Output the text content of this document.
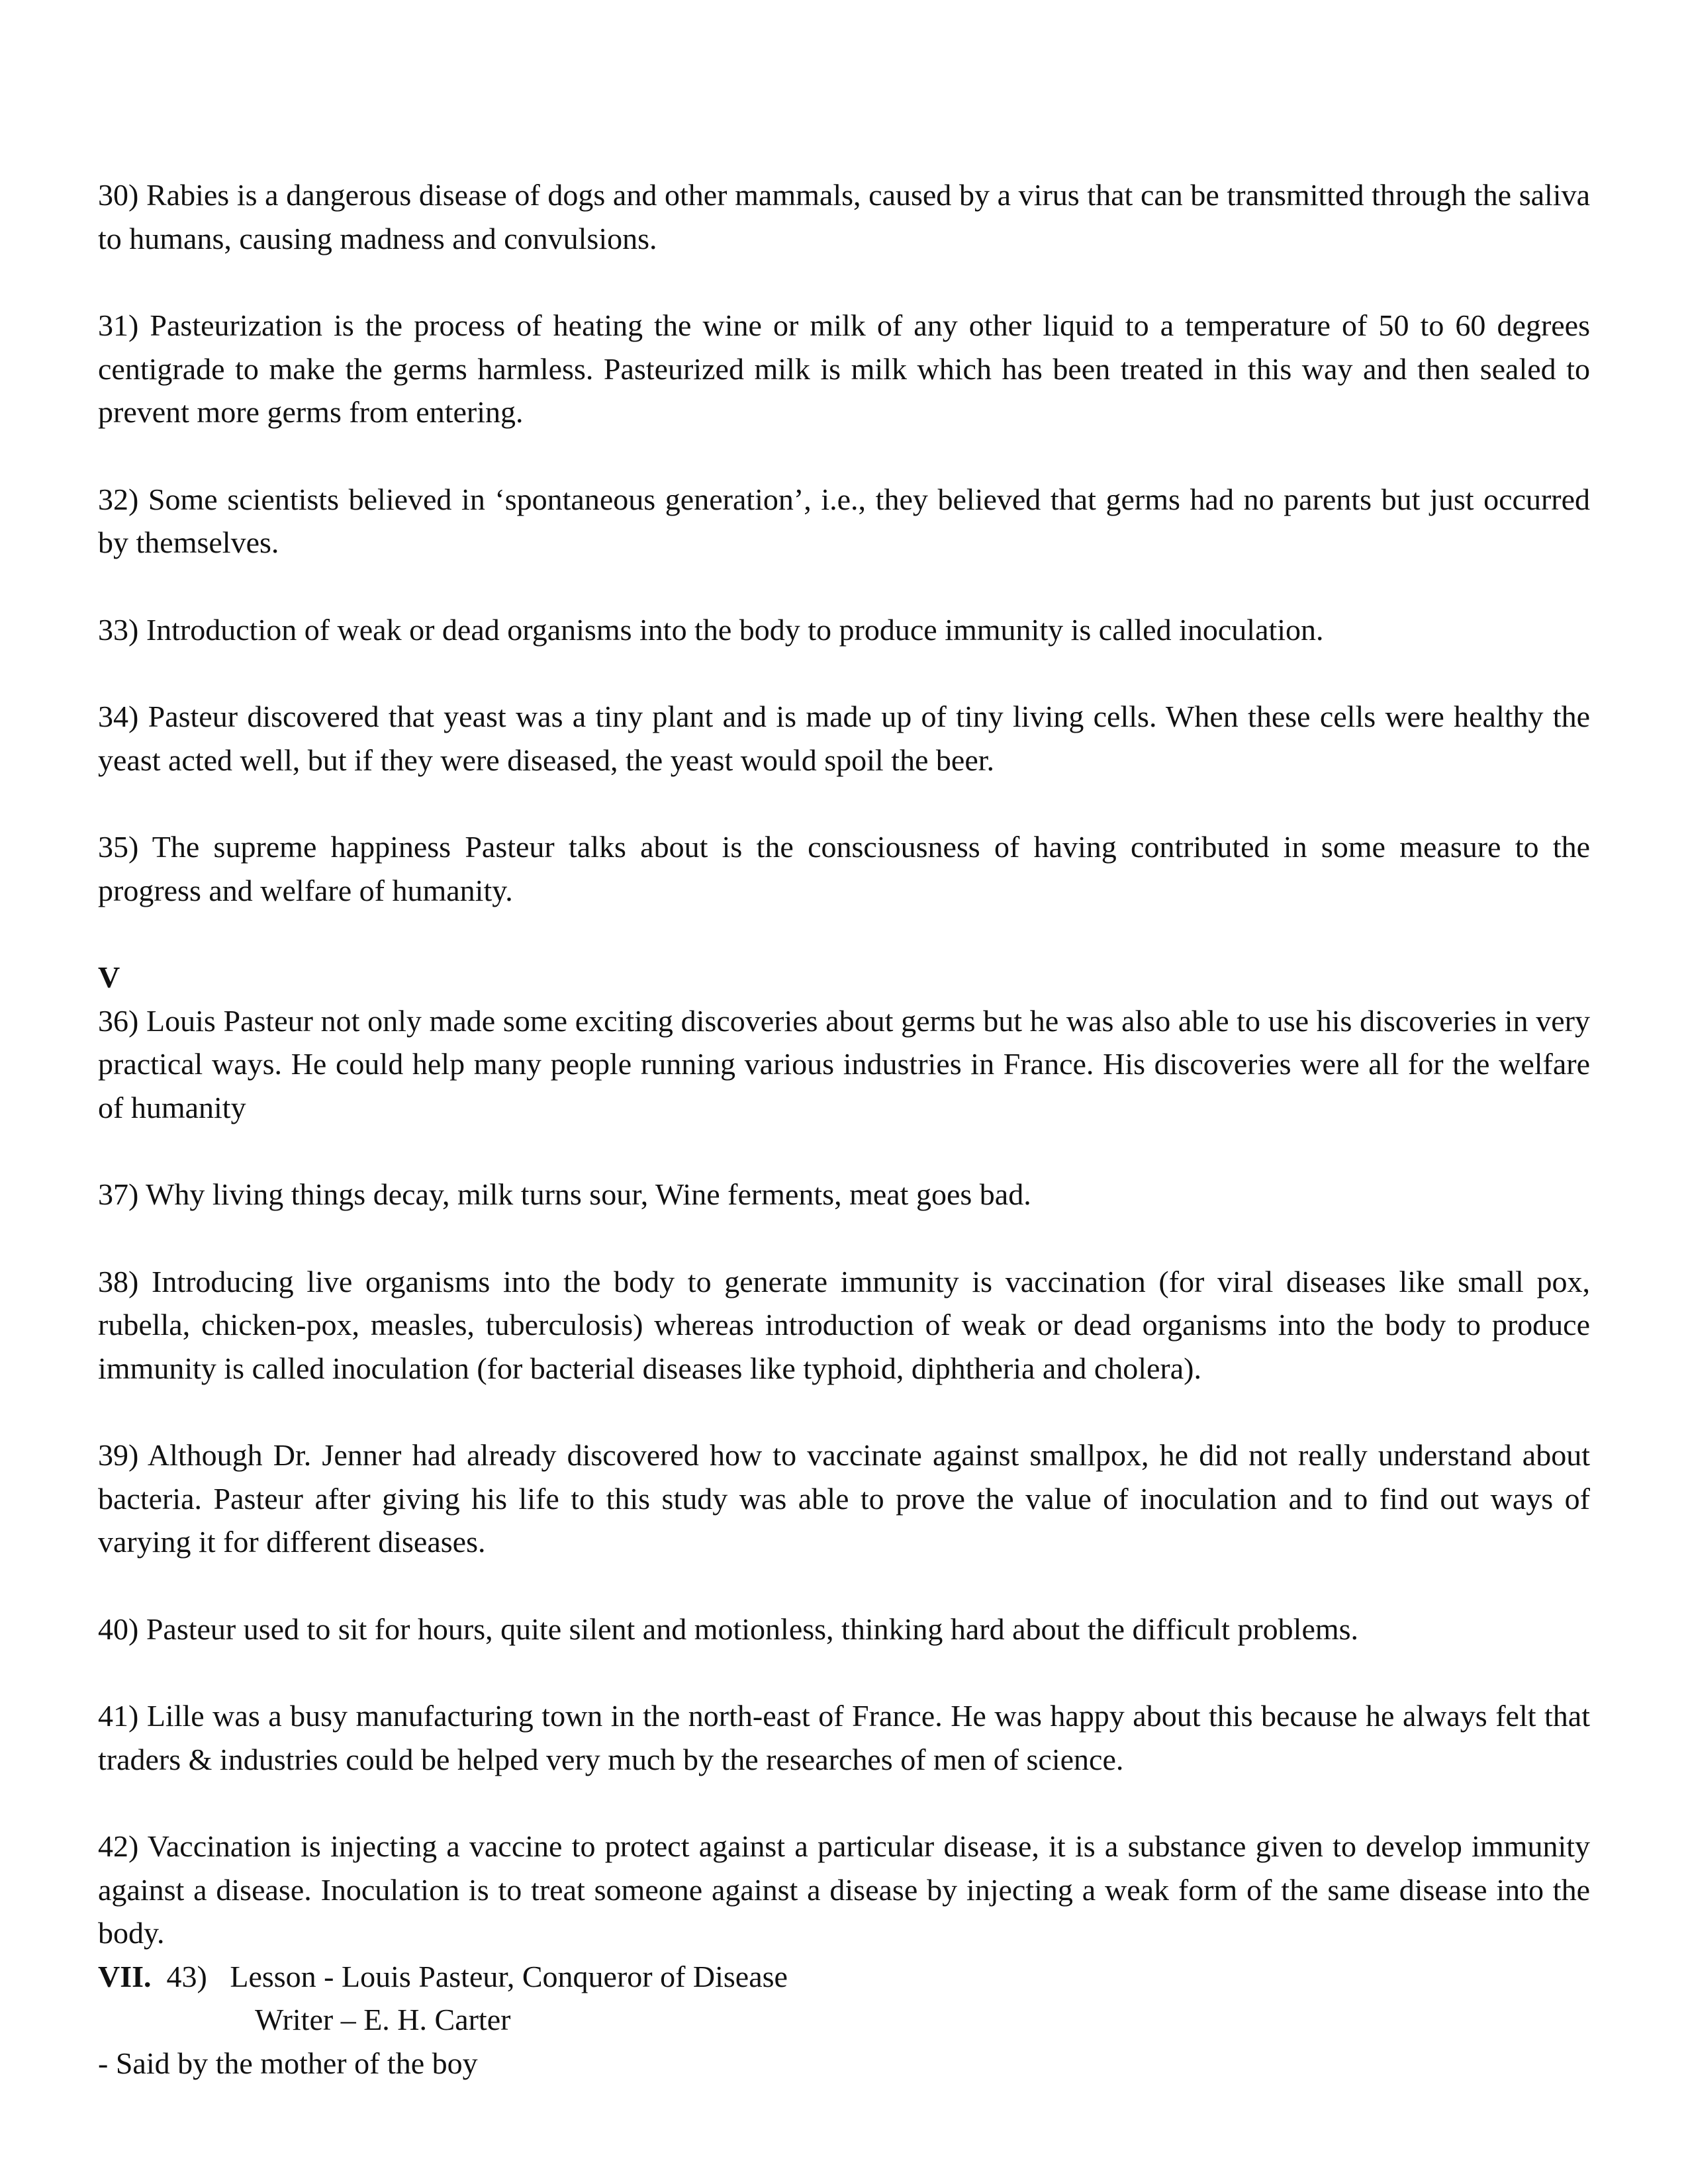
30) Rabies is a dangerous disease of dogs and other mammals, caused by a virus that can be transmitted through the saliva to humans, causing madness and convulsions.

31) Pasteurization is the process of heating the wine or milk of any other liquid to a temperature of 50 to 60 degrees centigrade to make the germs harmless. Pasteurized milk is milk which has been treated in this way and then sealed to prevent more germs from entering.

32) Some scientists believed in ‘spontaneous generation’, i.e., they believed that germs had no parents but just occurred by themselves.

33) Introduction of weak or dead organisms into the body to produce immunity is called inoculation.

34) Pasteur discovered that yeast was a tiny plant and is made up of tiny living cells. When these cells were healthy the yeast acted well, but if they were diseased, the yeast would spoil the beer.

35) The supreme happiness Pasteur talks about is the consciousness of having contributed in some measure to the progress and welfare of humanity.

V

36) Louis Pasteur not only made some exciting discoveries about germs but he was also able to use his discoveries in very practical ways. He could help many people running various industries in France. His discoveries were all for the welfare of humanity

37) Why living things decay, milk turns sour, Wine ferments, meat goes bad.

38) Introducing live organisms into the body to generate immunity is vaccination (for viral diseases like small pox, rubella, chicken-pox, measles, tuberculosis) whereas introduction of weak or dead organisms into the body to produce immunity is called inoculation (for bacterial diseases like typhoid, diphtheria and cholera).

39) Although Dr. Jenner had already discovered how to vaccinate against smallpox, he did not really understand about bacteria. Pasteur after giving his life to this study was able to prove the value of inoculation and to find out ways of varying it for different diseases.

40) Pasteur used to sit for hours, quite silent and motionless, thinking hard about the difficult problems.

41) Lille was a busy manufacturing town in the north-east of France. He was happy about this because he always felt that traders & industries could be helped very much by the researches of men of science.

42) Vaccination is injecting a vaccine to protect against a particular disease, it is a substance given to develop immunity against a disease. Inoculation is to treat someone against a disease by injecting a weak form of the same disease into the body.

VII. 43)   Lesson - Louis Pasteur, Conqueror of Disease

Writer – E. H. Carter

- Said by the mother of the boy
